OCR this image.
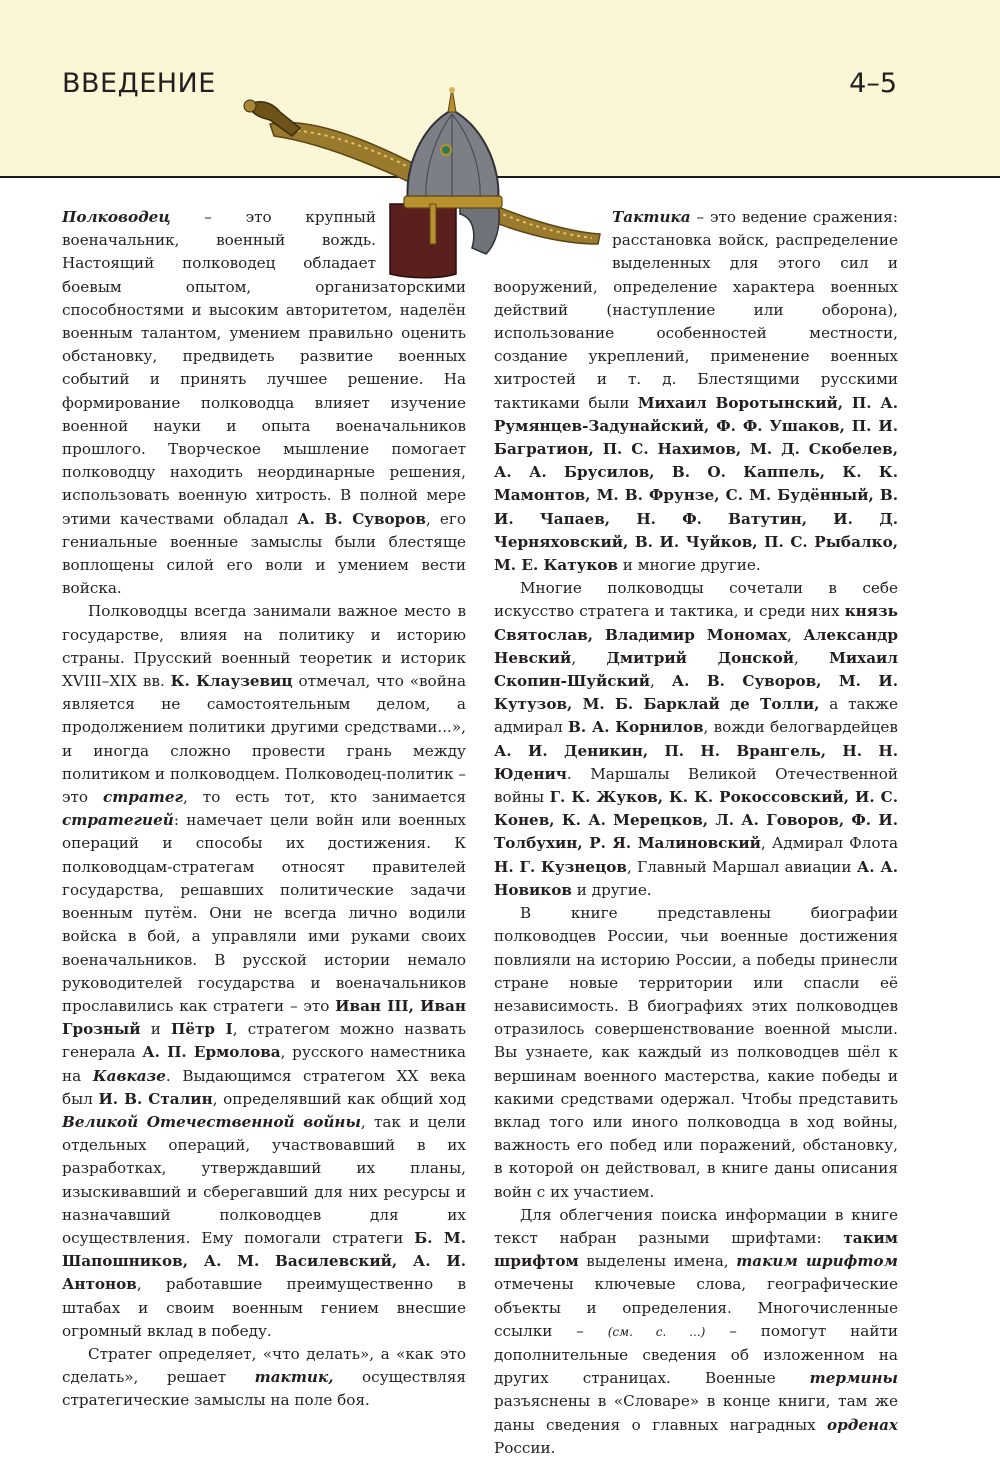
ВВЕДЕНИЕ	4–5

Полководец – это крупный военачальник, военный вождь. Настоящий полководец обладает боевым опытом, организаторскими способностями и высоким авторитетом, наделён военным талантом, умением правильно оценить обстановку, предвидеть развитие военных событий и принять лучшее решение. На формирование полководца влияет изучение военной науки и опыта военачальников прошлого. Творческое мышление помогает полководцу находить неординарные решения, использовать военную хитрость. В полной мере этими качествами обладал А. В. Суворов, его гениальные военные замыслы были блестяще воплощены силой его воли и умением вести войска.

Полководцы всегда занимали важное место в государстве, влияя на политику и историю страны. Прусский военный теоретик и историк XVIII–XIX вв. К. Клаузевиц отмечал, что «война является не самостоятельным делом, а продолжением политики другими средствами...», и иногда сложно провести грань между политиком и полководцем. Полководец-политик – это стратег, то есть тот, кто занимается стратегией: намечает цели войн или военных операций и способы их достижения. К полководцам-стратегам относят правителей государства, решавших политические задачи военным путём. Они не всегда лично водили войска в бой, а управляли ими руками своих военачальников. В русской истории немало руководителей государства и военачальников прославились как стратеги – это Иван III, Иван Грозный и Пётр I, стратегом можно назвать генерала А. П. Ермолова, русского наместника на Кавказе. Выдающимся стратегом XX века был И. В. Сталин, определявший как общий ход Великой Отечественной войны, так и цели отдельных операций, участвовавший в их разработках, утверждавший их планы, изыскивавший и сберегавший для них ресурсы и назначавший полководцев для их осуществления. Ему помогали стратеги Б. М. Шапошников, А. М. Василевский, А. И. Антонов, работавшие преимущественно в штабах и своим военным гением внесшие огромный вклад в победу.

Стратег определяет, «что делать», а «как это сделать», решает тактик, осуществляя стратегические замыслы на поле боя.

Тактика – это ведение сражения: расстановка войск, распределение выделенных для этого сил и вооружений, определение характера военных действий (наступление или оборона), использование особенностей местности, создание укреплений, применение военных хитростей и т. д. Блестящими русскими тактиками были Михаил Воротынский, П. А. Румянцев-Задунайский, Ф. Ф. Ушаков, П. И. Багратион, П. С. Нахимов, М. Д. Скобелев, А. А. Брусилов, В. О. Каппель, К. К. Мамонтов, М. В. Фрунзе, С. М. Будённый, В. И. Чапаев, Н. Ф. Ватутин, И. Д. Черняховский, В. И. Чуйков, П. С. Рыбалко, М. Е. Катуков и многие другие.

Многие полководцы сочетали в себе искусство стратега и тактика, и среди них князь Святослав, Владимир Мономах, Александр Невский, Дмитрий Донской, Михаил Скопин-Шуйский, А. В. Суворов, М. И. Кутузов, М. Б. Барклай де Толли, а также адмирал В. А. Корнилов, вожди белогвардейцев А. И. Деникин, П. Н. Врангель, Н. Н. Юденич. Маршалы Великой Отечественной войны Г. К. Жуков, К. К. Рокоссовский, И. С. Конев, К. А. Мерецков, Л. А. Говоров, Ф. И. Толбухин, Р. Я. Малиновский, Адмирал Флота Н. Г. Кузнецов, Главный Маршал авиации А. А. Новиков и другие.

В книге представлены биографии полководцев России, чьи военные достижения повлияли на историю России, а победы принесли стране новые территории или спасли её независимость. В биографиях этих полководцев отразилось совершенствование военной мысли. Вы узнаете, как каждый из полководцев шёл к вершинам военного мастерства, какие победы и какими средствами одержал. Чтобы представить вклад того или иного полководца в ход войны, важность его побед или поражений, обстановку, в которой он действовал, в книге даны описания войн с их участием.

Для облегчения поиска информации в книге текст набран разными шрифтами: таким шрифтом выделены имена, таким шрифтом отмечены ключевые слова, географические объекты и определения. Многочисленные ссылки – (см. с. ...) – помогут найти дополнительные сведения об изложенном на других страницах. Военные термины разъяснены в «Словаре» в конце книги, там же даны сведения о главных наградных орденах России.
